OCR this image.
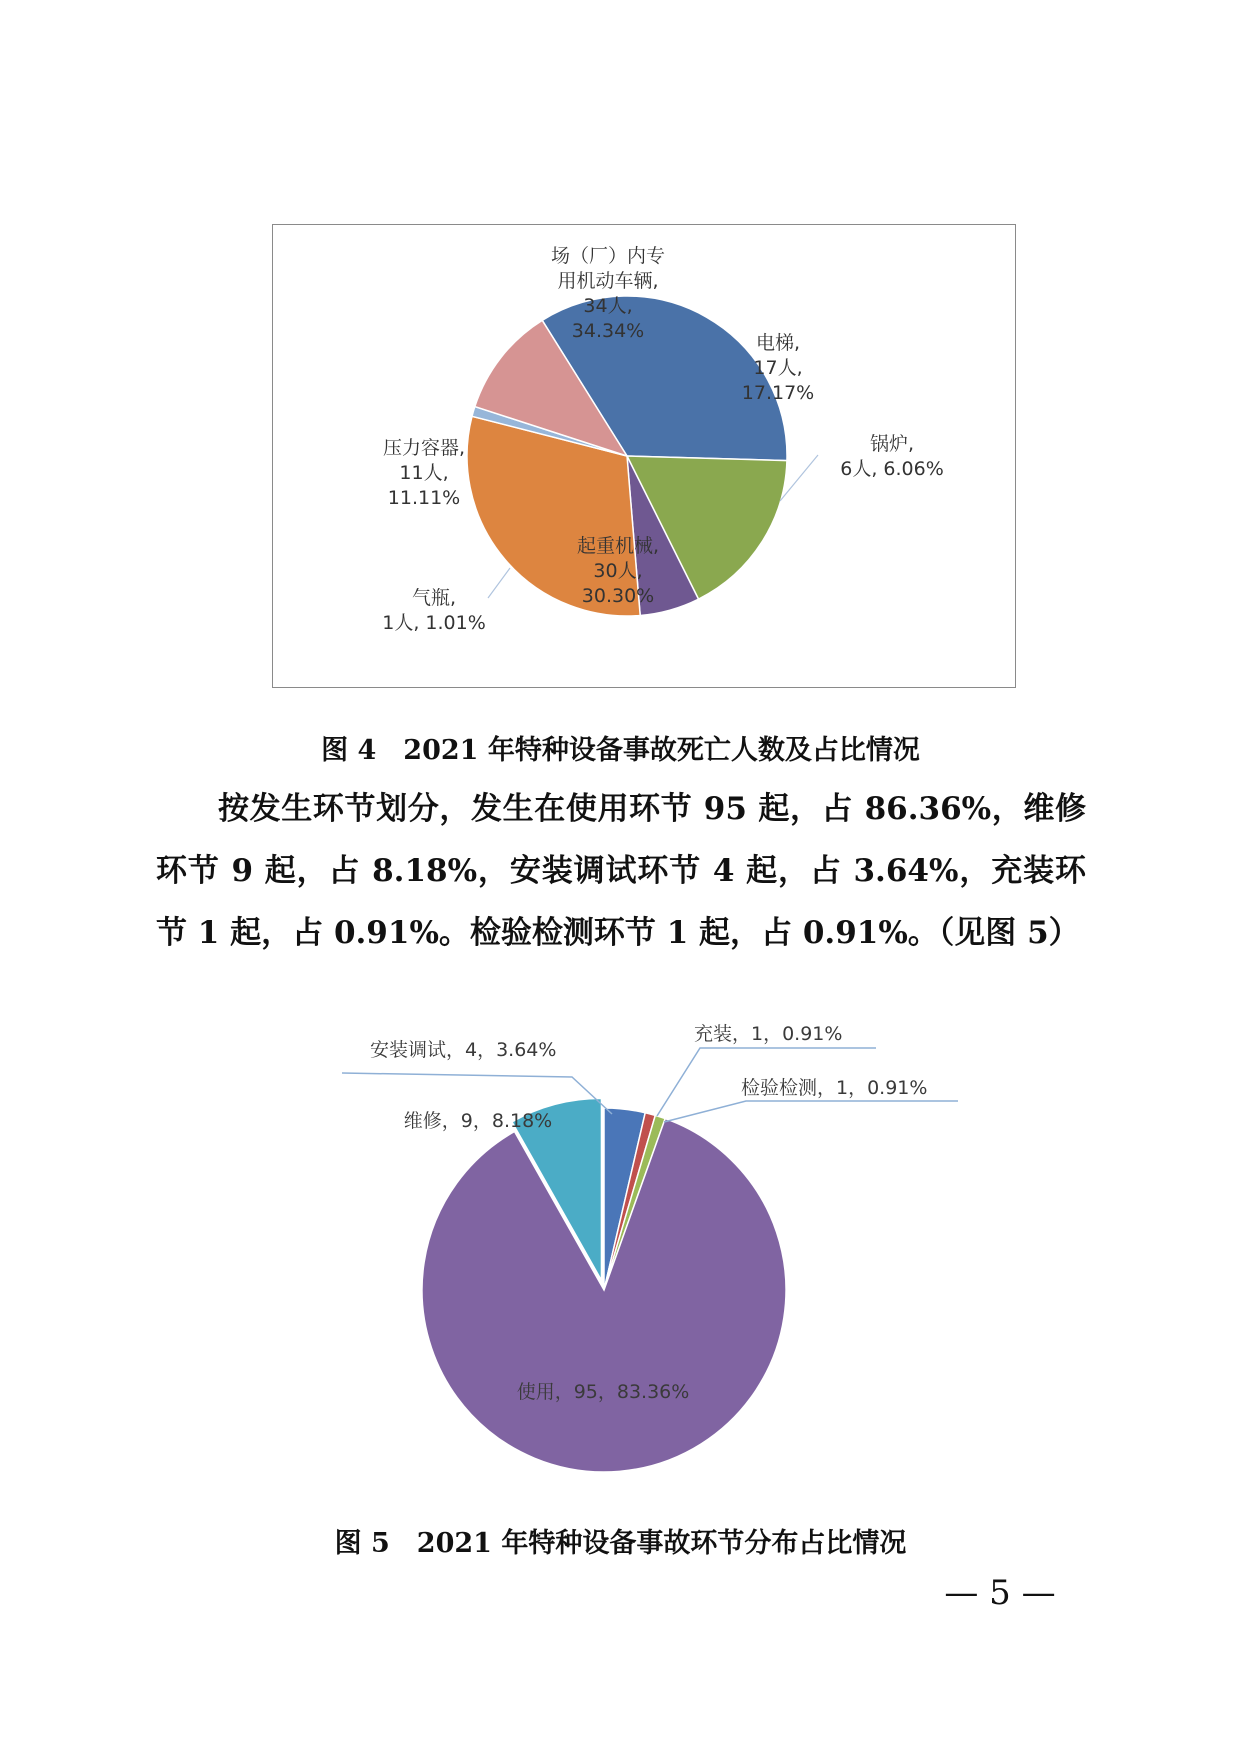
场（厂）内专用机动车辆, 34人, 34.34%
电梯, 17人, 17.17%
锅炉, 6人, 6.06%
起重机械, 30人, 30.30%
气瓶, 1人, 1.01%
压力容器, 11人, 11.11%
图 4　2021 年特种设备事故死亡人数及占比情况
按发生环节划分，发生在使用环节 95 起，占 86.36%，维修环节 9 起，占 8.18%，安装调试环节 4 起，占 3.64%，充装环节 1 起，占 0.91%。检验检测环节 1 起，占 0.91%。（见图 5）
安装调试，4，3.64%
充装，1，0.91%
检验检测，1，0.91%
使用，95，83.36%
维修，9，8.18%
图 5　2021 年特种设备事故环节分布占比情况
— 5 —
